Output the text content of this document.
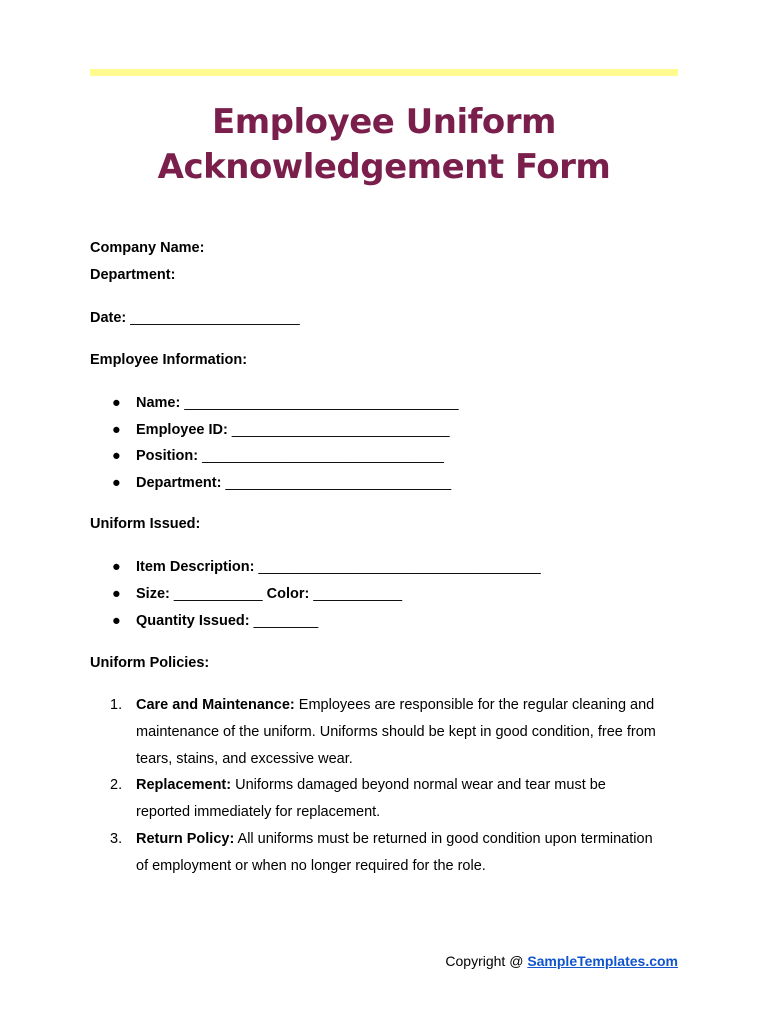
Employee Uniform
Acknowledgement Form
Company Name:
Department:
Date: _____________________
Employee Information:
● Name: __________________________________
● Employee ID: ___________________________
● Position: ______________________________
● Department: ____________________________
Uniform Issued:
● Item Description: ___________________________________
● Size: ___________ Color: ___________
● Quantity Issued: ________
Uniform Policies:
1. Care and Maintenance: Employees are responsible for the regular cleaning and
maintenance of the uniform. Uniforms should be kept in good condition, free from
tears, stains, and excessive wear.
2. Replacement: Uniforms damaged beyond normal wear and tear must be
reported immediately for replacement.
3. Return Policy: All uniforms must be returned in good condition upon termination
of employment or when no longer required for the role.
Copyright @ SampleTemplates.com
